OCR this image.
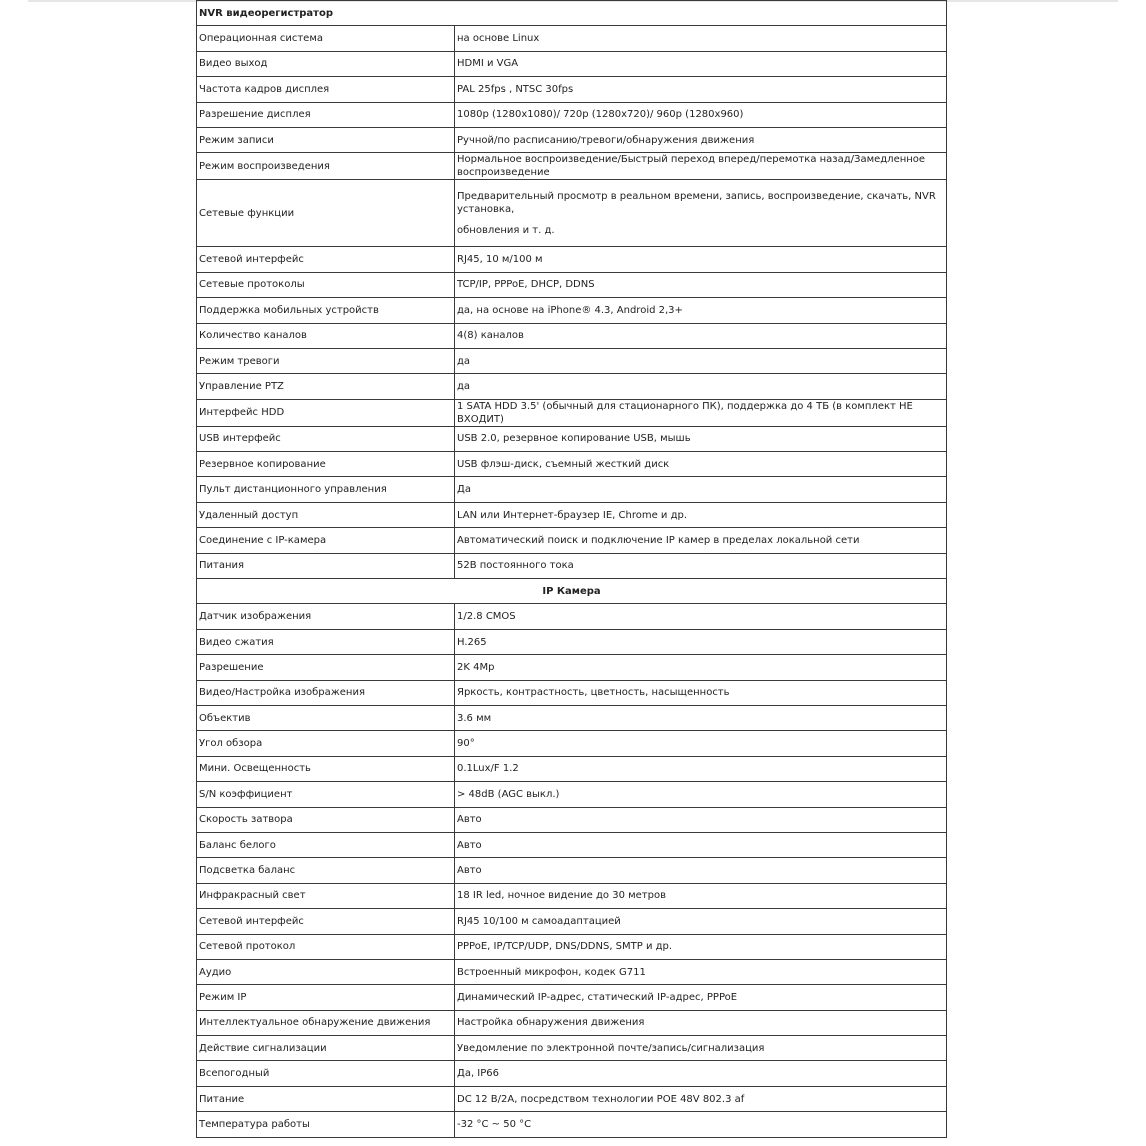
NVR видеорегистратор	
Операционная система	на основе Linux
Видео выход	HDMI и VGA
Частота кадров дисплея	PAL 25fps , NTSC 30fps
Разрешение дисплея	1080p (1280x1080)/ 720p (1280x720)/ 960p (1280x960)
Режим записи	Ручной/по расписанию/тревоги/обнаружения движения
Режим воспроизведения	Нормальное воспроизведение/Быстрый переход вперед/перемотка назад/Замедленное воспроизведение
Сетевые функции	Предварительный просмотр в реальном времени, запись, воспроизведение, скачать, NVR установка,
обновления и т. д.

Сетевой интерфейс	RJ45, 10 м/100 м
Сетевые протоколы	TCP/IP, PPPoE, DHCP, DDNS
Поддержка мобильных устройств	да, на основе на iPhone® 4.3, Android 2,3+
Количество каналов	4(8) каналов
Режим тревоги	да
Управление PTZ	да
Интерфейс HDD	1 SATA HDD 3.5' (обычный для стационарного ПК), поддержка до 4 ТБ (в комплект НЕ ВХОДИТ)
USB интерфейс	USB 2.0, резервное копирование USB, мышь
Резервное копирование	USB флэш-диск, съемный жесткий диск
Пульт дистанционного управления	Да
Удаленный доступ	LAN или Интернет-браузер IE, Chrome и др.
Соединение с IP-камера	Автоматический поиск и подключение IP камер в пределах локальной сети
Питания	52В постоянного тока
IP Камера	
Датчик изображения	1/2.8 CMOS
Видео сжатия	H.265
Разрешение	2K 4Mp
Видео/Настройка изображения	Яркость, контрастность, цветность, насыщенность
Объектив	3.6 мм
Угол обзора	90°
Мини. Освещенность	0.1Lux/F 1.2
S/N коэффициент	> 48dB (AGC выкл.)
Скорость затвора	Авто
Баланс белого	Авто
Подсветка баланс	Авто
Инфракрасный свет	18 IR led, ночное видение до 30 метров
Сетевой интерфейс	RJ45 10/100 м самоадаптацией
Сетевой протокол	PPPoE, IP/TCP/UDP, DNS/DDNS, SMTP и др.
Аудио	Встроенный микрофон, кодек G711
Режим IP	Динамический IP-адрес, статический IP-адрес, PPPoE
Интеллектуальное обнаружение движения	Настройка обнаружения движения
Действие сигнализации	Уведомление по электронной почте/запись/сигнализация
Всепогодный	Да, IP66
Питание	DC 12 В/2A, посредством технологии POE 48V 802.3 af
Температура работы	-32 °C ~ 50 °C
